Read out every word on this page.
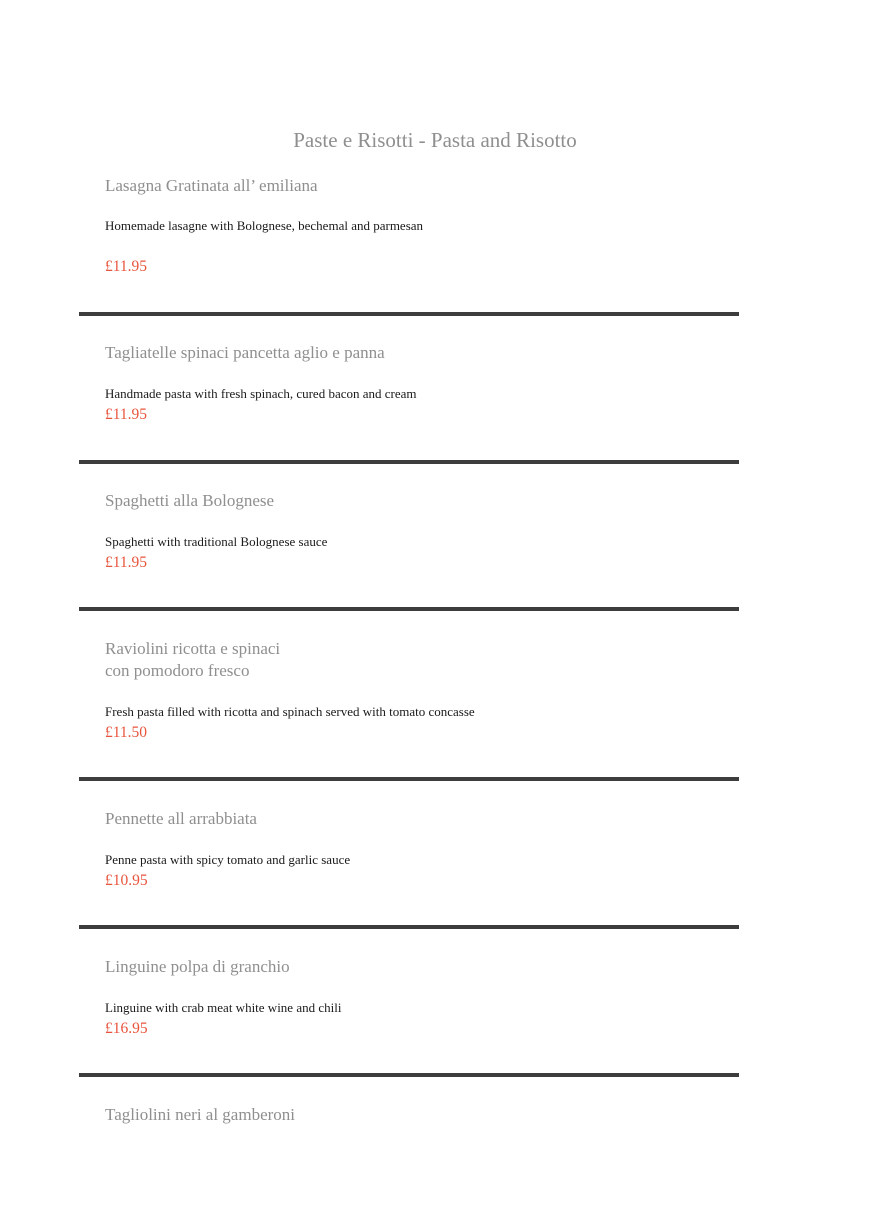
Paste e Risotti - Pasta and Risotto
Lasagna Gratinata all’ emiliana

Homemade lasagne with Bolognese, bechemal and parmesan

£11.95

Tagliatelle spinaci pancetta aglio e panna

Handmade pasta with fresh spinach, cured bacon and cream

£11.95

Spaghetti alla Bolognese

Spaghetti with traditional Bolognese sauce

£11.95

Raviolini ricotta e spinaci
con pomodoro fresco

Fresh pasta filled with ricotta and spinach served with tomato concasse

£11.50

Pennette all arrabbiata

Penne pasta with spicy tomato and garlic sauce

£10.95

Linguine polpa di granchio

Linguine with crab meat white wine and chili

£16.95

Tagliolini neri al gamberoni
